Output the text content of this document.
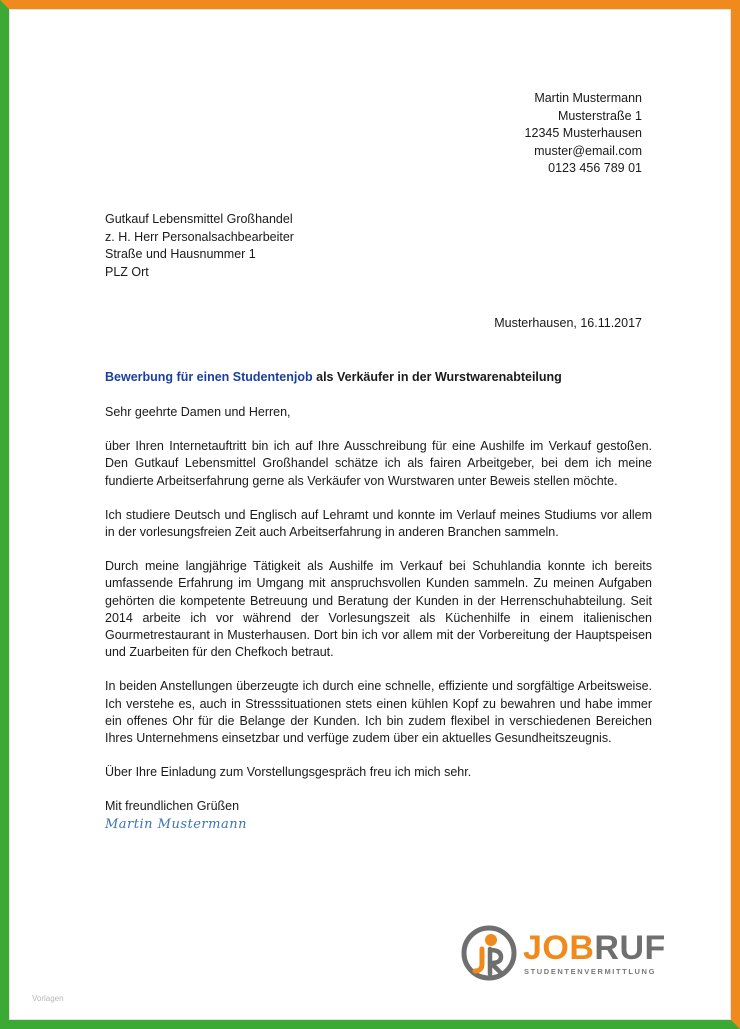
Martin Mustermann
Musterstraße 1
12345 Musterhausen
muster@email.com
0123 456 789 01
Gutkauf Lebensmittel Großhandel
z. H. Herr Personalsachbearbeiter
Straße und Hausnummer 1
PLZ Ort
Musterhausen, 16.11.2017
Bewerbung für einen Studentenjob als Verkäufer in der Wurstwarenabteilung

Sehr geehrte Damen und Herren,

über Ihren Internetauftritt bin ich auf Ihre Ausschreibung für eine Aushilfe im Verkauf gestoßen. Den Gutkauf Lebensmittel Großhandel schätze ich als fairen Arbeitgeber, bei dem ich meine fundierte Arbeitserfahrung gerne als Verkäufer von Wurstwaren unter Beweis stellen möchte.

Ich studiere Deutsch und Englisch auf Lehramt und konnte im Verlauf meines Studiums vor allem in der vorlesungsfreien Zeit auch Arbeitserfahrung in anderen Branchen sammeln.

Durch meine langjährige Tätigkeit als Aushilfe im Verkauf bei Schuhlandia konnte ich bereits umfassende Erfahrung im Umgang mit anspruchsvollen Kunden sammeln. Zu meinen Aufgaben gehörten die kompetente Betreuung und Beratung der Kunden in der Herrenschuhabteilung. Seit 2014 arbeite ich vor während der Vorlesungszeit als Küchenhilfe in einem italienischen Gourmetrestaurant in Musterhausen. Dort bin ich vor allem mit der Vorbereitung der Hauptspeisen und Zuarbeiten für den Chefkoch betraut.

In beiden Anstellungen überzeugte ich durch eine schnelle, effiziente und sorgfältige Arbeitsweise. Ich verstehe es, auch in Stresssituationen stets einen kühlen Kopf zu bewahren und habe immer ein offenes Ohr für die Belange der Kunden. Ich bin zudem flexibel in verschiedenen Bereichen Ihres Unternehmens einsetzbar und verfüge zudem über ein aktuelles Gesundheitszeugnis.

Über Ihre Einladung zum Vorstellungsgespräch freu ich mich sehr.

Mit freundlichen Grüßen
Martin Mustermann
JOBRUF
STUDENTENVERMITTLUNG
Vorlagen
